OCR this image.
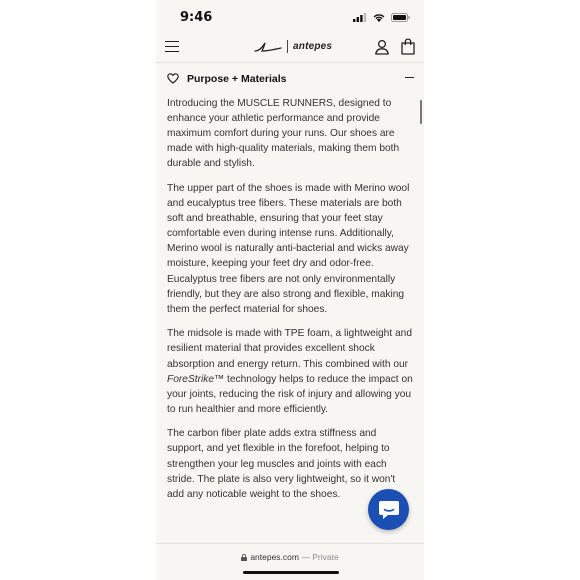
9:46
antepes
Purpose + Materials

Introducing the MUSCLE RUNNERS, designed to enhance your athletic performance and provide maximum comfort during your runs. Our shoes are made with high-quality materials, making them both durable and stylish.

The upper part of the shoes is made with Merino wool and eucalyptus tree fibers. These materials are both soft and breathable, ensuring that your feet stay comfortable even during intense runs. Additionally, Merino wool is naturally anti-bacterial and wicks away moisture, keeping your feet dry and odor-free. Eucalyptus tree fibers are not only environmentally friendly, but they are also strong and flexible, making them the perfect material for shoes.

The midsole is made with TPE foam, a lightweight and resilient material that provides excellent shock absorption and energy return. This combined with our ForeStrike™ technology helps to reduce the impact on your joints, reducing the risk of injury and allowing you to run healthier and more efficiently.

The carbon fiber plate adds extra stiffness and support, and yet flexible in the forefoot, helping to strengthen your leg muscles and joints with each stride. The plate is also very lightweight, so it won't add any noticable weight to the shoes.

antepes.com — Private
